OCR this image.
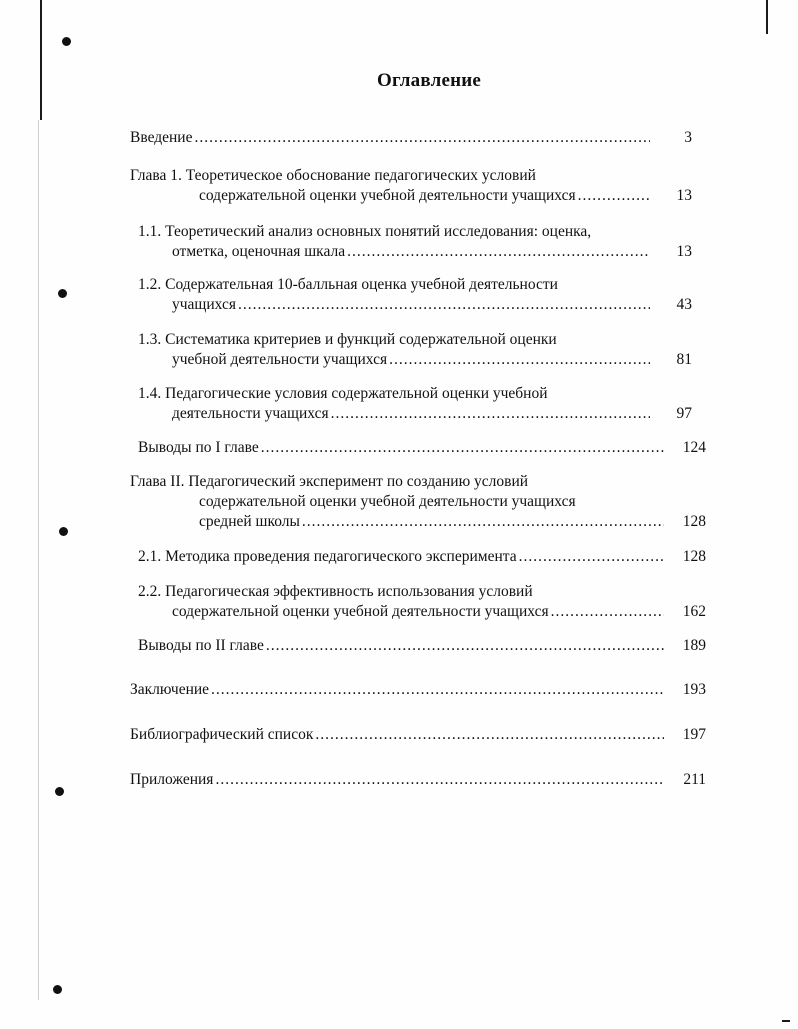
Оглавление
Введение .....	3
Глава 1. Теоретическое обоснование педагогических условий
содержательной оценки учебной деятельности учащихся .....	13
1.1. Теоретический анализ основных понятий исследования: оценка,
отметка, оценочная шкала .....	13
1.2. Содержательная 10-балльная оценка учебной деятельности
учащихся .....	43
1.3. Систематика критериев и функций содержательной оценки
учебной деятельности учащихся .....	81
1.4. Педагогические условия содержательной оценки учебной
деятельности учащихся .....	97
Выводы по I главе .....	124
Глава II. Педагогический эксперимент по созданию условий
содержательной оценки учебной деятельности учащихся
средней школы .....	128
2.1. Методика проведения педагогического эксперимента .....	128
2.2. Педагогическая эффективность использования условий
содержательной оценки учебной деятельности учащихся .....	162
Выводы по II главе .....	189
Заключение .....	193
Библиографический список .....	197
Приложения .....	211
